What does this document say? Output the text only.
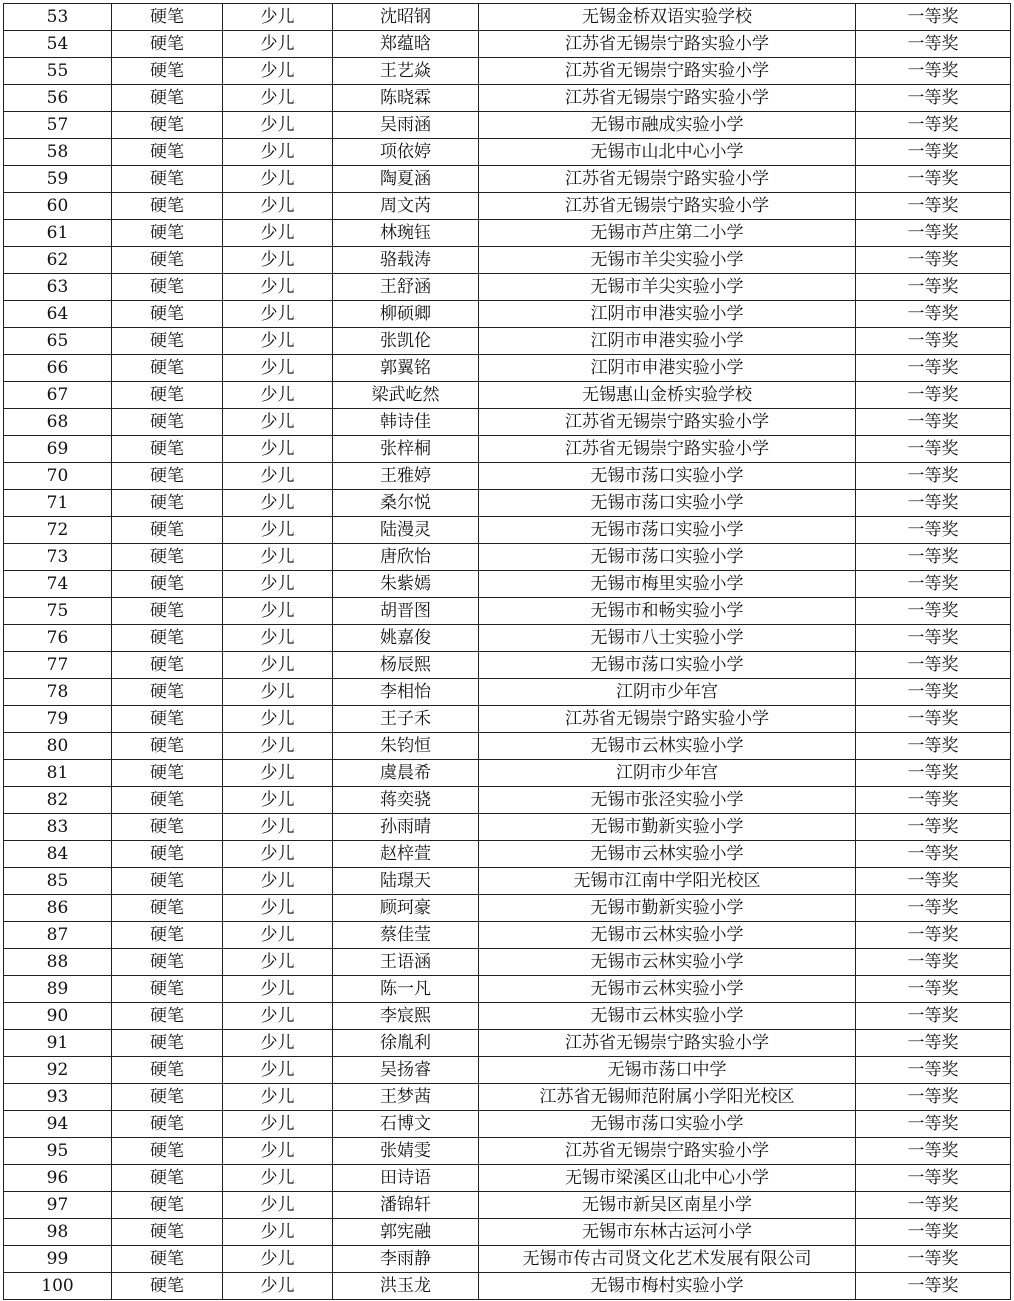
53	硬笔	少儿	沈昭钢	无锡金桥双语实验学校	一等奖
54	硬笔	少儿	郑蕴晗	江苏省无锡崇宁路实验小学	一等奖
55	硬笔	少儿	王艺焱	江苏省无锡崇宁路实验小学	一等奖
56	硬笔	少儿	陈晓霖	江苏省无锡崇宁路实验小学	一等奖
57	硬笔	少儿	吴雨涵	无锡市融成实验小学	一等奖
58	硬笔	少儿	项依婷	无锡市山北中心小学	一等奖
59	硬笔	少儿	陶夏涵	江苏省无锡崇宁路实验小学	一等奖
60	硬笔	少儿	周文芮	江苏省无锡崇宁路实验小学	一等奖
61	硬笔	少儿	林琬钰	无锡市芦庄第二小学	一等奖
62	硬笔	少儿	骆载涛	无锡市羊尖实验小学	一等奖
63	硬笔	少儿	王舒涵	无锡市羊尖实验小学	一等奖
64	硬笔	少儿	柳硕卿	江阴市申港实验小学	一等奖
65	硬笔	少儿	张凯伦	江阴市申港实验小学	一等奖
66	硬笔	少儿	郭翼铭	江阴市申港实验小学	一等奖
67	硬笔	少儿	梁武屹然	无锡惠山金桥实验学校	一等奖
68	硬笔	少儿	韩诗佳	江苏省无锡崇宁路实验小学	一等奖
69	硬笔	少儿	张梓桐	江苏省无锡崇宁路实验小学	一等奖
70	硬笔	少儿	王雅婷	无锡市荡口实验小学	一等奖
71	硬笔	少儿	桑尔悦	无锡市荡口实验小学	一等奖
72	硬笔	少儿	陆漫灵	无锡市荡口实验小学	一等奖
73	硬笔	少儿	唐欣怡	无锡市荡口实验小学	一等奖
74	硬笔	少儿	朱紫嫣	无锡市梅里实验小学	一等奖
75	硬笔	少儿	胡晋图	无锡市和畅实验小学	一等奖
76	硬笔	少儿	姚嘉俊	无锡市八士实验小学	一等奖
77	硬笔	少儿	杨辰熙	无锡市荡口实验小学	一等奖
78	硬笔	少儿	李相怡	江阴市少年宫	一等奖
79	硬笔	少儿	王子禾	江苏省无锡崇宁路实验小学	一等奖
80	硬笔	少儿	朱钧恒	无锡市云林实验小学	一等奖
81	硬笔	少儿	虞晨希	江阴市少年宫	一等奖
82	硬笔	少儿	蒋奕骁	无锡市张泾实验小学	一等奖
83	硬笔	少儿	孙雨晴	无锡市勤新实验小学	一等奖
84	硬笔	少儿	赵梓萱	无锡市云林实验小学	一等奖
85	硬笔	少儿	陆璟天	无锡市江南中学阳光校区	一等奖
86	硬笔	少儿	顾珂豪	无锡市勤新实验小学	一等奖
87	硬笔	少儿	蔡佳莹	无锡市云林实验小学	一等奖
88	硬笔	少儿	王语涵	无锡市云林实验小学	一等奖
89	硬笔	少儿	陈一凡	无锡市云林实验小学	一等奖
90	硬笔	少儿	李宸熙	无锡市云林实验小学	一等奖
91	硬笔	少儿	徐胤利	江苏省无锡崇宁路实验小学	一等奖
92	硬笔	少儿	吴扬睿	无锡市荡口中学	一等奖
93	硬笔	少儿	王梦茜	江苏省无锡师范附属小学阳光校区	一等奖
94	硬笔	少儿	石博文	无锡市荡口实验小学	一等奖
95	硬笔	少儿	张婧雯	江苏省无锡崇宁路实验小学	一等奖
96	硬笔	少儿	田诗语	无锡市梁溪区山北中心小学	一等奖
97	硬笔	少儿	潘锦轩	无锡市新吴区南星小学	一等奖
98	硬笔	少儿	郭宪融	无锡市东林古运河小学	一等奖
99	硬笔	少儿	李雨静	无锡市传古司贤文化艺术发展有限公司	一等奖
100	硬笔	少儿	洪玉龙	无锡市梅村实验小学	一等奖
